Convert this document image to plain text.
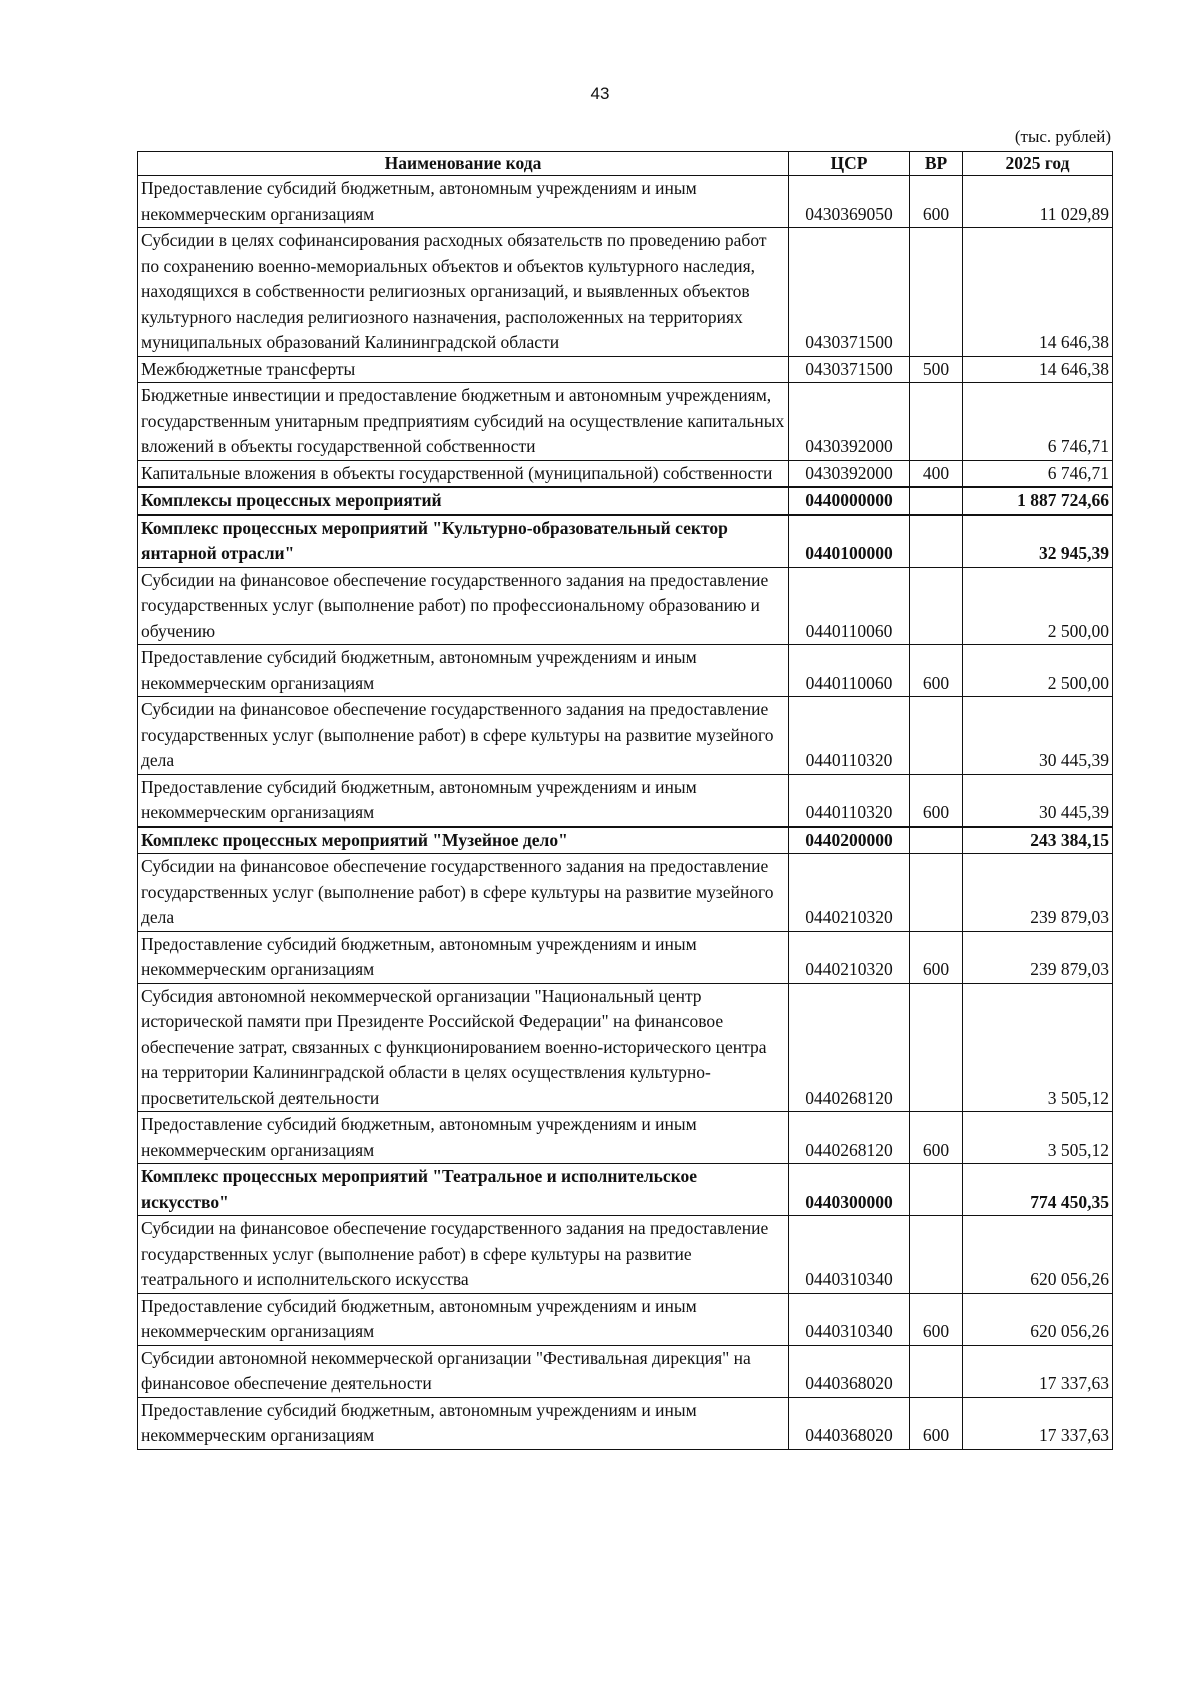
43
(тыс. рублей)
Наименование кода	ЦСР	ВР	2025 год
Предоставление субсидий бюджетным, автономным учреждениям и иным некоммерческим организациям	0430369050	600	11 029,89
Субсидии в целях софинансирования расходных обязательств по проведению работ по сохранению военно-мемориальных объектов и объектов культурного наследия, находящихся в собственности религиозных организаций, и выявленных объектов культурного наследия религиозного назначения, расположенных на территориях муниципальных образований Калининградской области	0430371500		14 646,38
Межбюджетные трансферты	0430371500	500	14 646,38
Бюджетные инвестиции и предоставление бюджетным и автономным учреждениям, государственным унитарным предприятиям субсидий на осуществление капитальных вложений в объекты государственной собственности	0430392000		6 746,71
Капитальные вложения в объекты государственной (муниципальной) собственности	0430392000	400	6 746,71
Комплексы процессных мероприятий	0440000000		1 887 724,66
Комплекс процессных мероприятий "Культурно-образовательный сектор янтарной отрасли"	0440100000		32 945,39
Субсидии на финансовое обеспечение государственного задания на предоставление государственных услуг (выполнение работ) по профессиональному образованию и обучению	0440110060		2 500,00
Предоставление субсидий бюджетным, автономным учреждениям и иным некоммерческим организациям	0440110060	600	2 500,00
Субсидии на финансовое обеспечение государственного задания на предоставление государственных услуг (выполнение работ) в сфере культуры на развитие музейного дела	0440110320		30 445,39
Предоставление субсидий бюджетным, автономным учреждениям и иным некоммерческим организациям	0440110320	600	30 445,39
Комплекс процессных мероприятий "Музейное дело"	0440200000		243 384,15
Субсидии на финансовое обеспечение государственного задания на предоставление государственных услуг (выполнение работ) в сфере культуры на развитие музейного дела	0440210320		239 879,03
Предоставление субсидий бюджетным, автономным учреждениям и иным некоммерческим организациям	0440210320	600	239 879,03
Субсидия автономной некоммерческой организации "Национальный центр исторической памяти при Президенте Российской Федерации" на финансовое обеспечение затрат, связанных с функционированием военно-исторического центра на территории Калининградской области в целях осуществления культурно-просветительской деятельности	0440268120		3 505,12
Предоставление субсидий бюджетным, автономным учреждениям и иным некоммерческим организациям	0440268120	600	3 505,12
Комплекс процессных мероприятий "Театральное и исполнительское искусство"	0440300000		774 450,35
Субсидии на финансовое обеспечение государственного задания на предоставление государственных услуг (выполнение работ) в сфере культуры на развитие театрального и исполнительского искусства	0440310340		620 056,26
Предоставление субсидий бюджетным, автономным учреждениям и иным некоммерческим организациям	0440310340	600	620 056,26
Субсидии автономной некоммерческой организации "Фестивальная дирекция" на финансовое обеспечение деятельности	0440368020		17 337,63
Предоставление субсидий бюджетным, автономным учреждениям и иным некоммерческим организациям	0440368020	600	17 337,63
